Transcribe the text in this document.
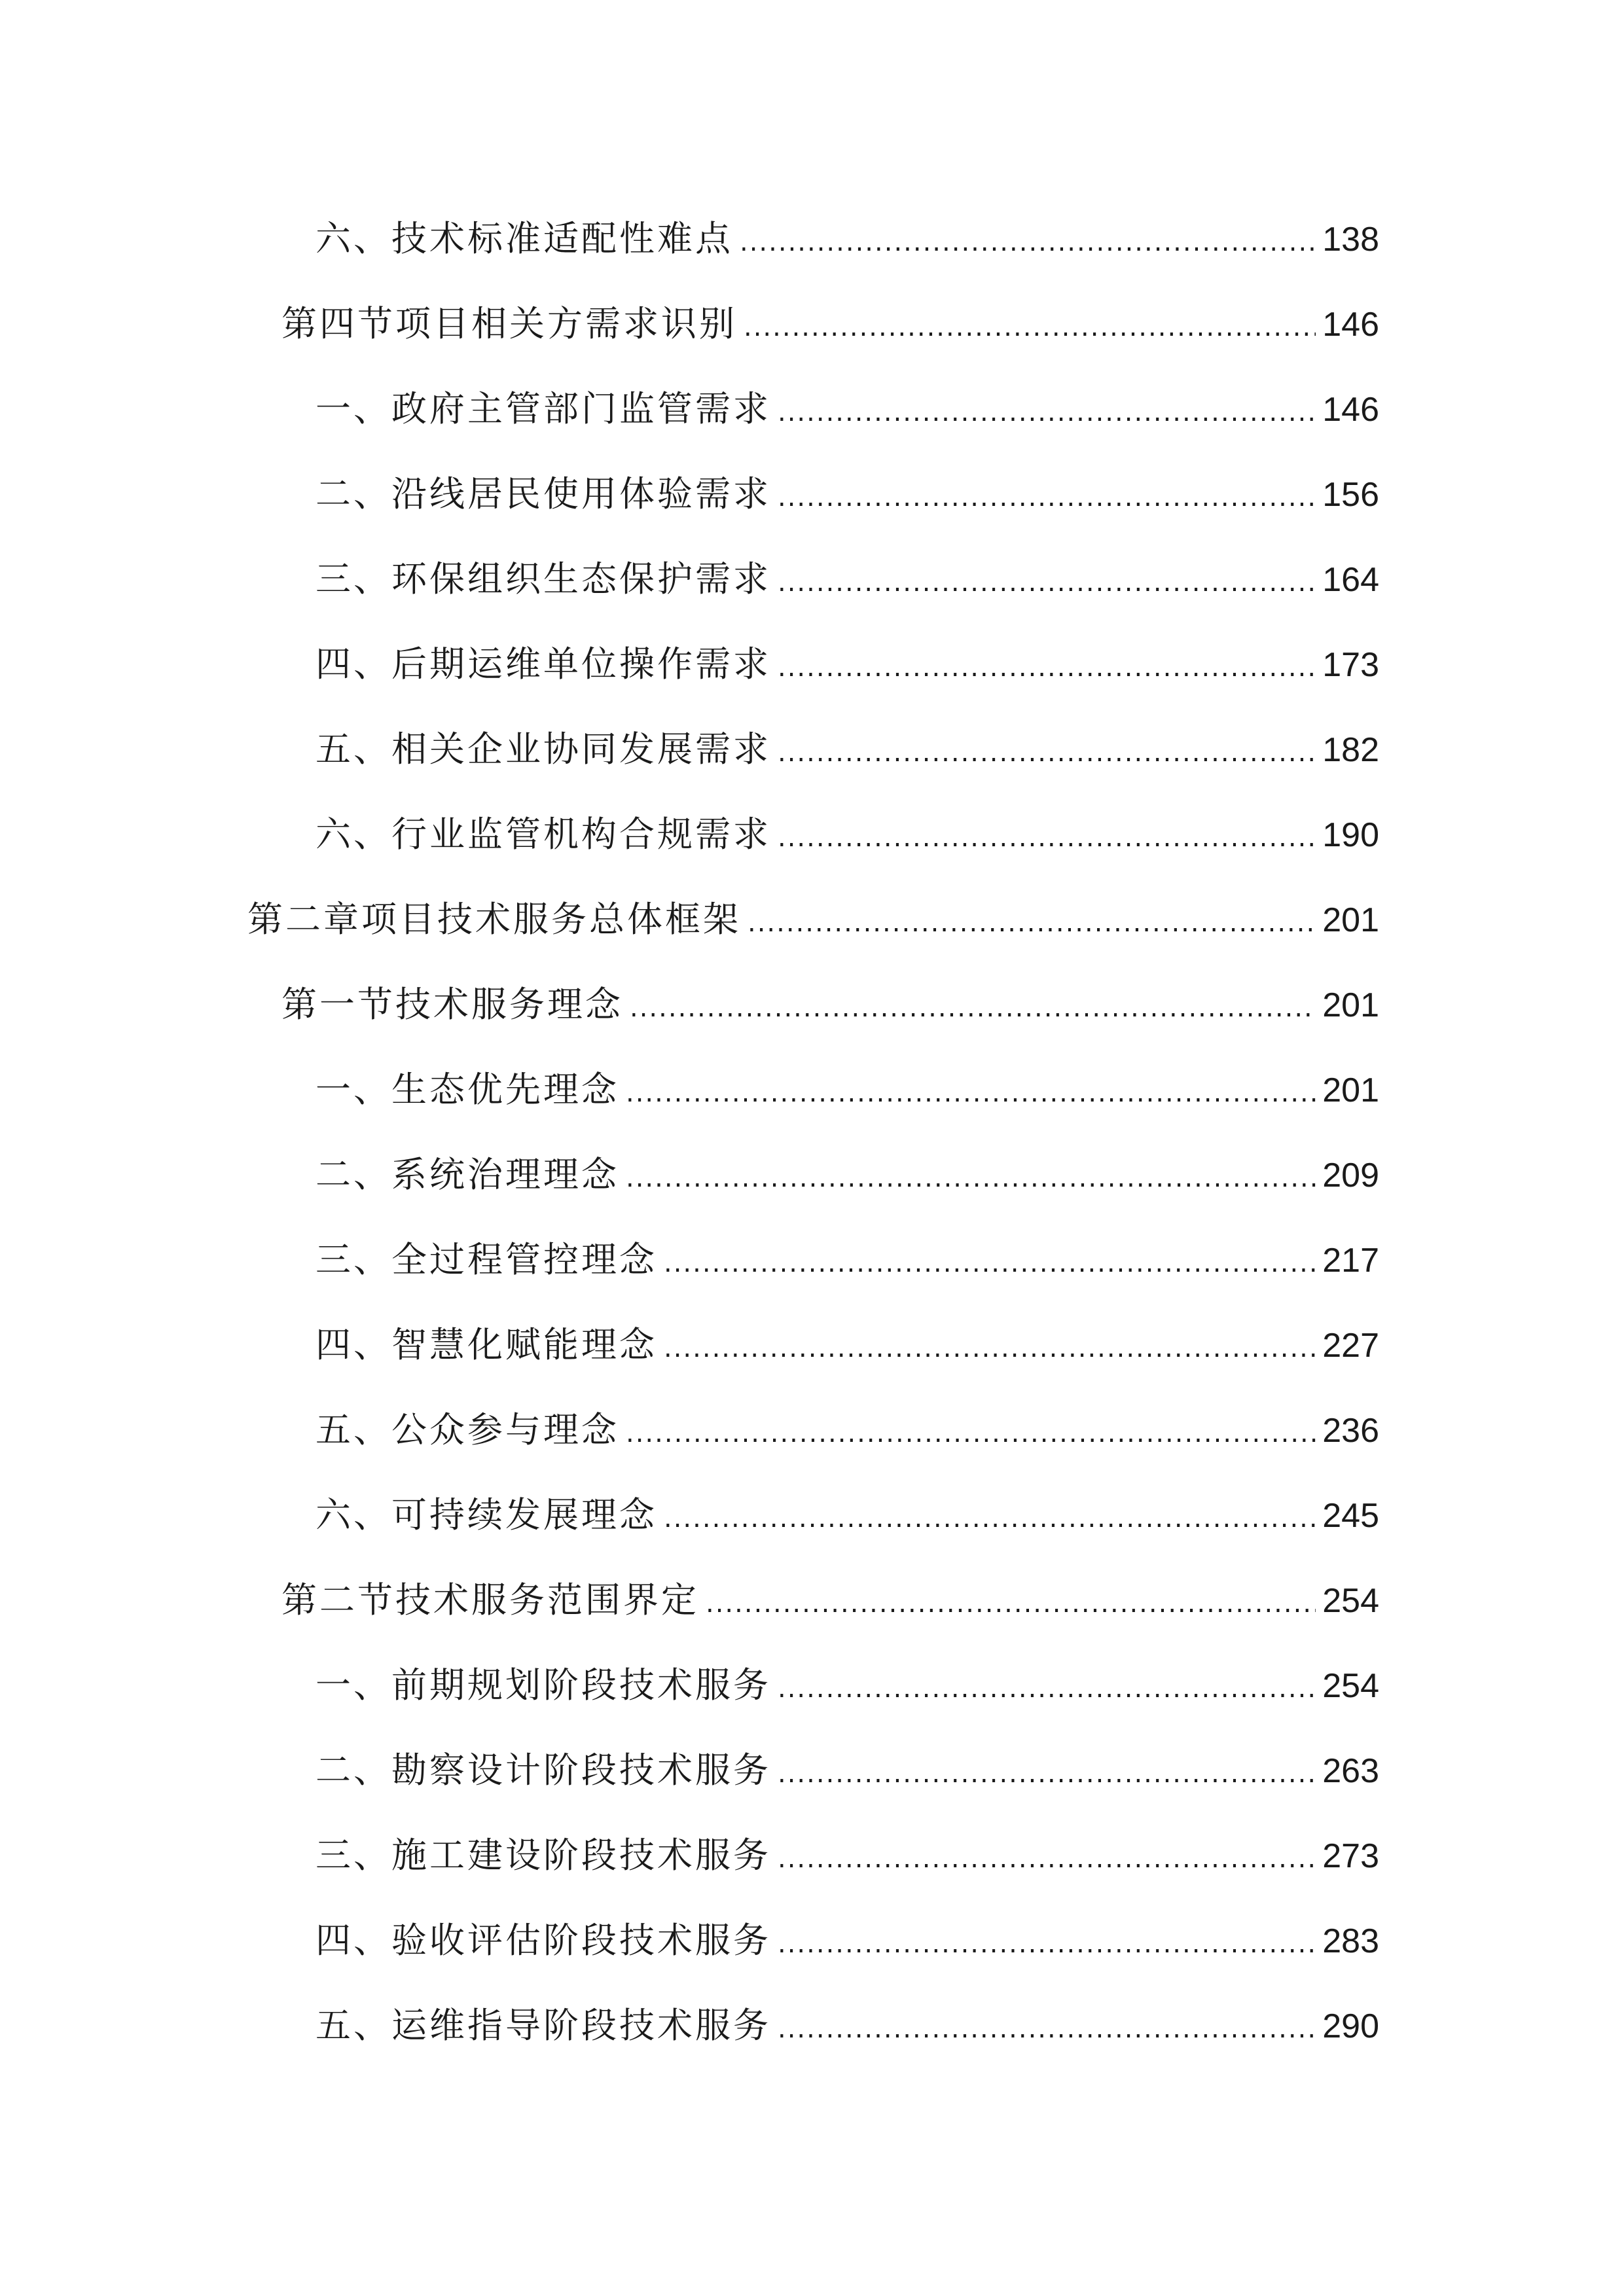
六、技术标准适配性难点 .....	138
第四节项目相关方需求识别 .....	146
一、政府主管部门监管需求 .....	146
二、沿线居民使用体验需求 .....	156
三、环保组织生态保护需求 .....	164
四、后期运维单位操作需求 .....	173
五、相关企业协同发展需求 .....	182
六、行业监管机构合规需求 .....	190
第二章项目技术服务总体框架 .....	201
第一节技术服务理念 .....	201
一、生态优先理念 .....	201
二、系统治理理念 .....	209
三、全过程管控理念 .....	217
四、智慧化赋能理念 .....	227
五、公众参与理念 .....	236
六、可持续发展理念 .....	245
第二节技术服务范围界定 .....	254
一、前期规划阶段技术服务 .....	254
二、勘察设计阶段技术服务 .....	263
三、施工建设阶段技术服务 .....	273
四、验收评估阶段技术服务 .....	283
五、运维指导阶段技术服务 .....	290
